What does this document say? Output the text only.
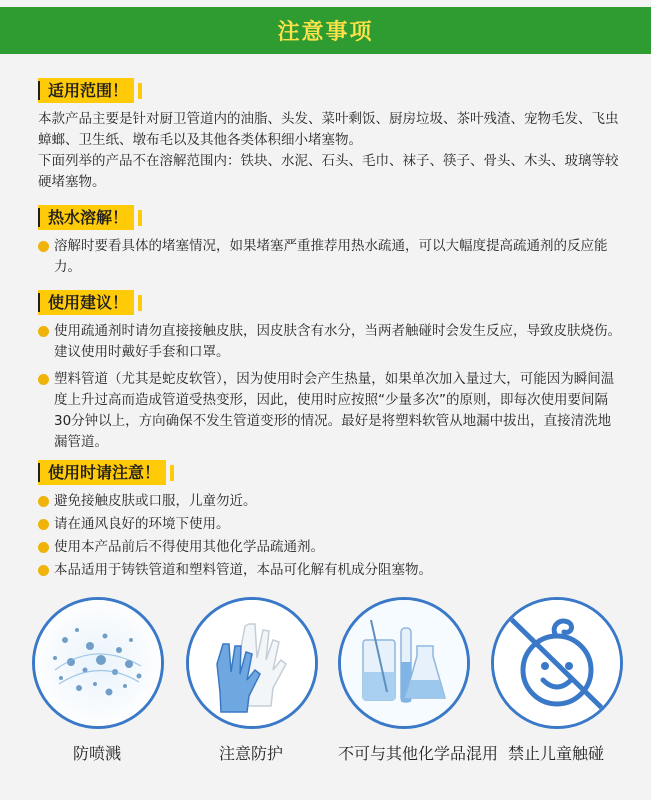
注意事项
适用范围！

本款产品主要是针对厨卫管道内的油脂、头发、菜叶剩饭、厨房垃圾、茶叶残渣、宠物毛发、飞虫蟑螂、卫生纸、墩布毛以及其他各类体积细小堵塞物。

下面列举的产品不在溶解范围内：铁块、水泥、石头、毛巾、袜子、筷子、骨头、木头、玻璃等较硬堵塞物。

热水溶解！
溶解时要看具体的堵塞情况，如果堵塞严重推荐用热水疏通，可以大幅度提高疏通剂的反应能力。
使用建议！
使用疏通剂时请勿直接接触皮肤，因皮肤含有水分，当两者触碰时会发生反应，导致皮肤烧伤。建议使用时戴好手套和口罩。
塑料管道（尤其是蛇皮软管），因为使用时会产生热量，如果单次加入量过大，可能因为瞬间温度上升过高而造成管道受热变形，因此，使用时应按照“少量多次”的原则，即每次使用要间隔30分钟以上，方向确保不发生管道变形的情况。最好是将塑料软管从地漏中拔出，直接清洗地漏管道。
使用时请注意！
避免接触皮肤或口服，儿童勿近。
请在通风良好的环境下使用。
使用本产品前后不得使用其他化学品疏通剂。
本品适用于铸铁管道和塑料管道，本品可化解有机成分阻塞物。
防喷溅	注意防护	不可与其他化学品混用 禁止儿童触碰
